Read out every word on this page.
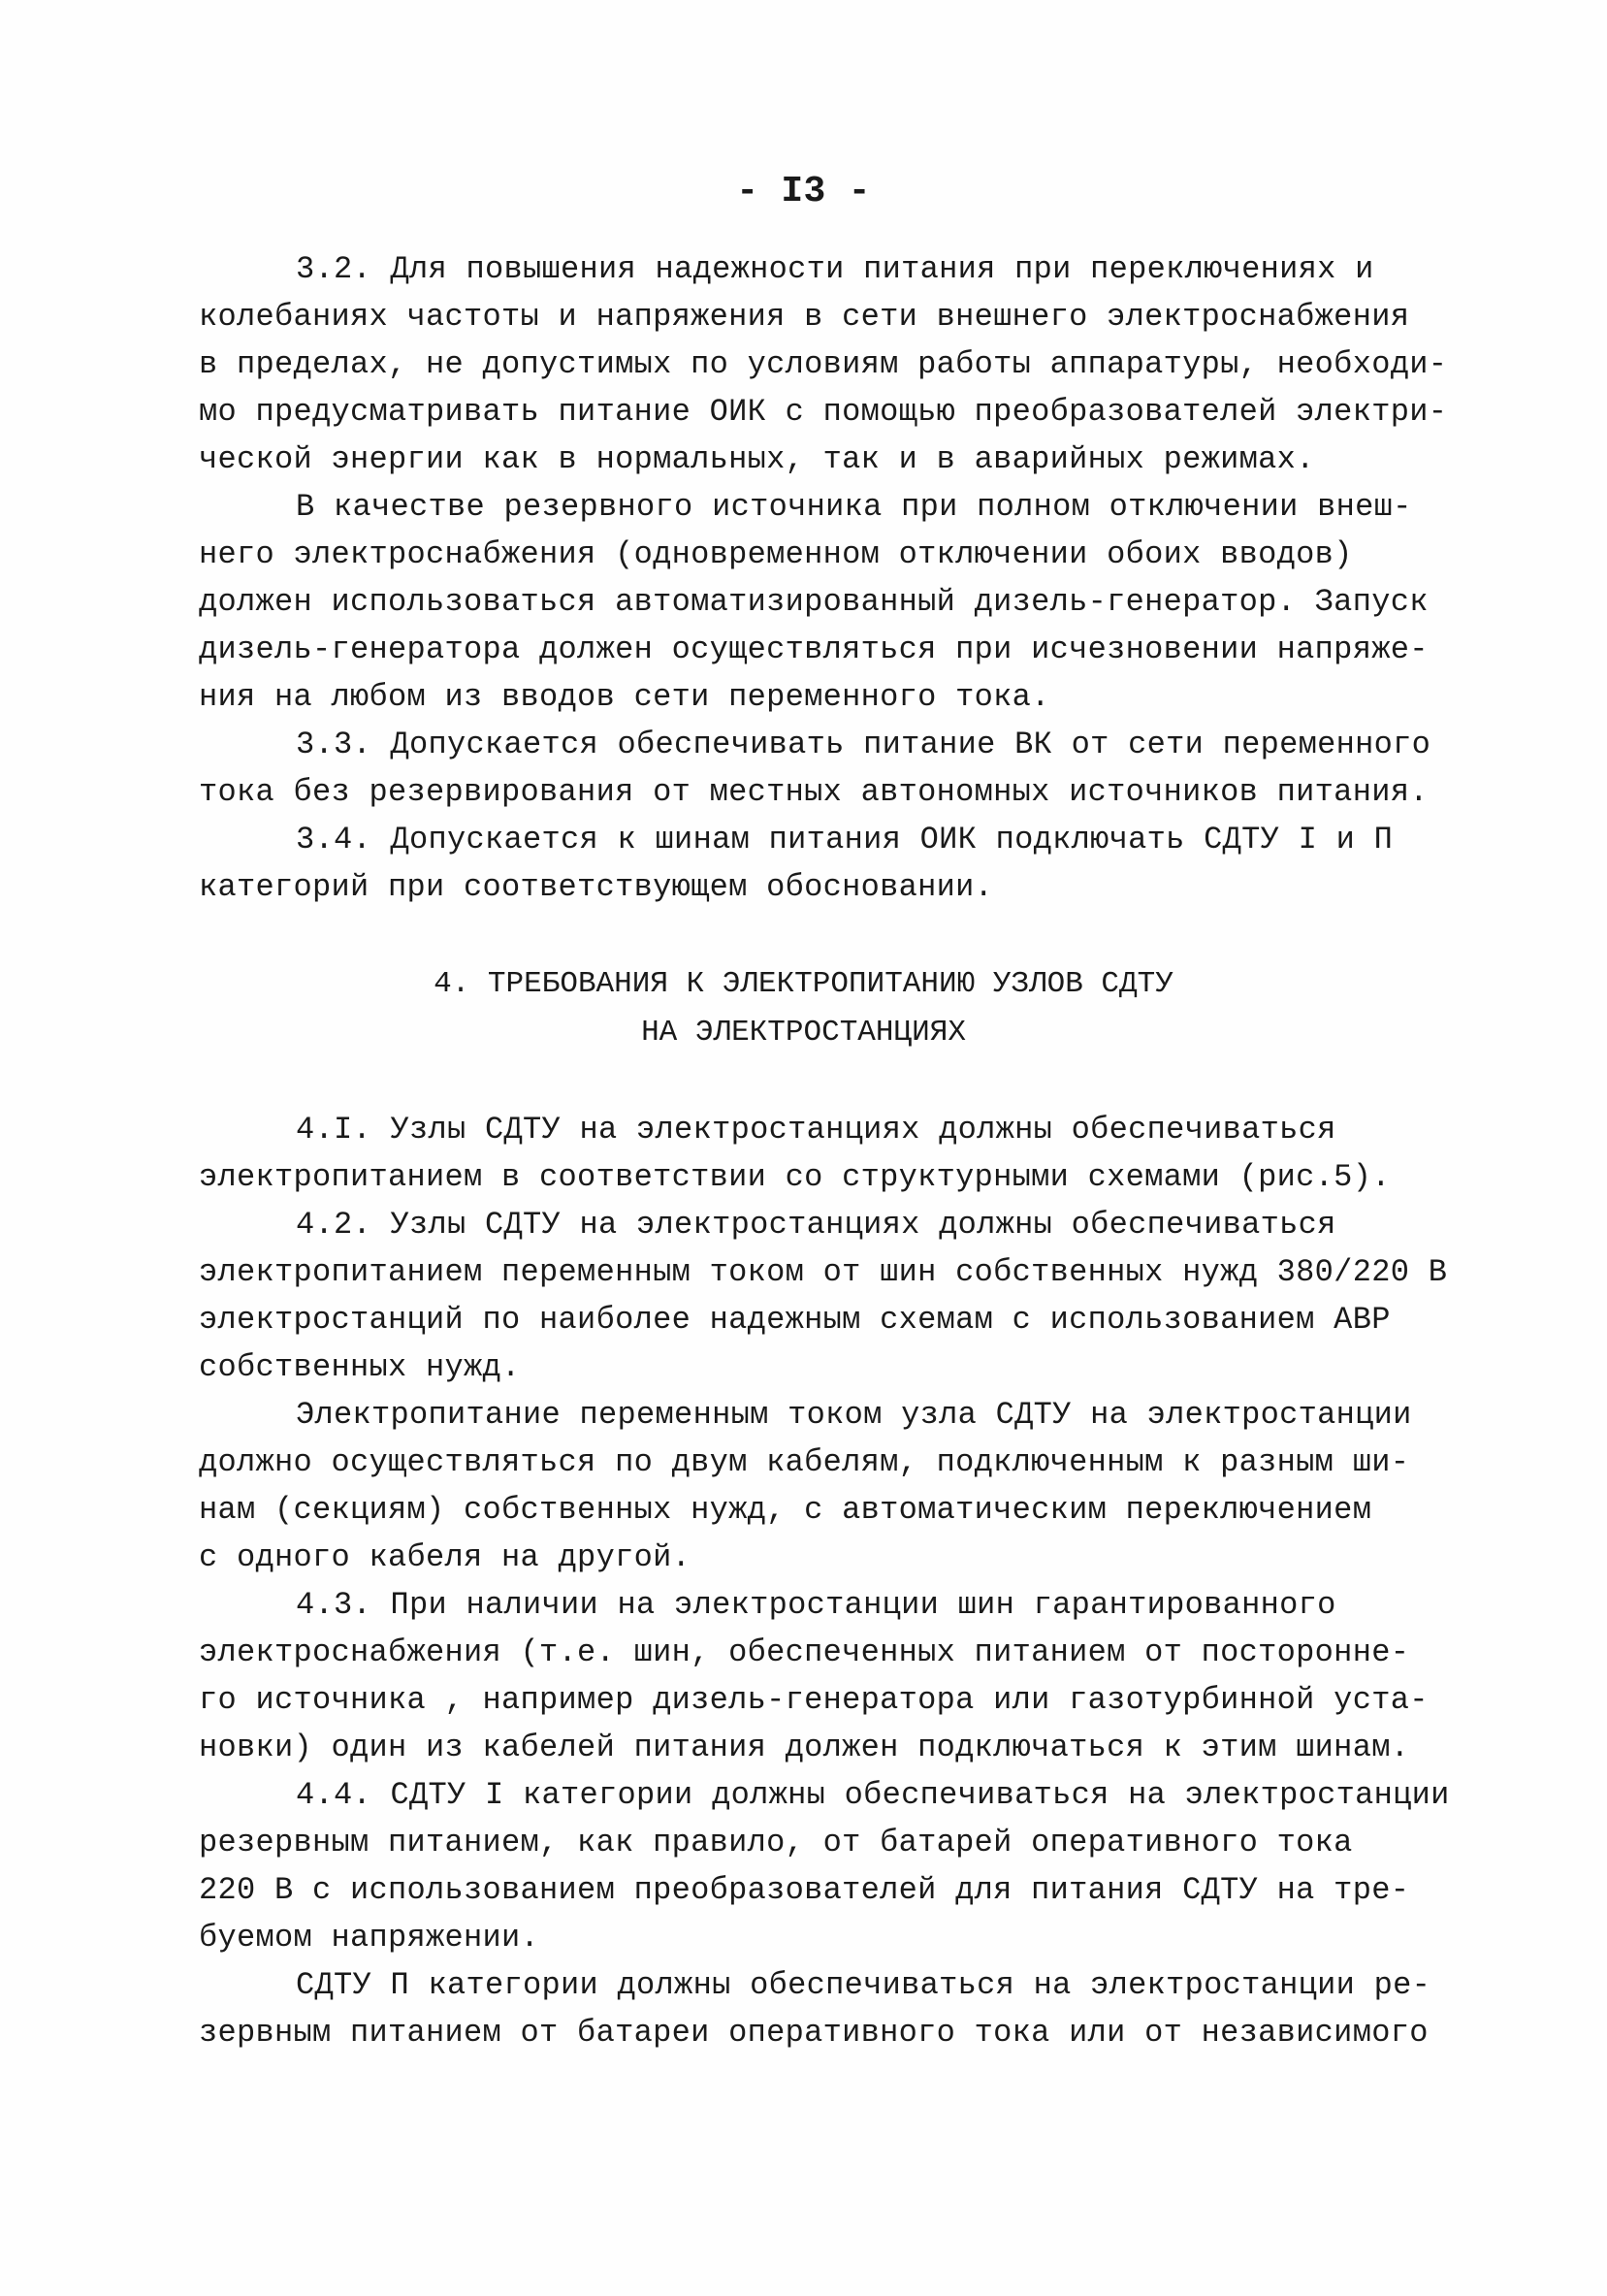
- I3 -
3.2. Для повышения надежности питания при переключениях и
колебаниях частоты и напряжения в сети внешнего электроснабжения
в пределах, не допустимых по условиям работы аппаратуры, необходи-
мо предусматривать питание ОИК с помощью преобразователей электри-
ческой энергии как в нормальных, так и в аварийных режимах.
В качестве резервного источника при полном отключении внеш-
него электроснабжения (одновременном отключении обоих вводов)
должен использоваться автоматизированный дизель-генератор. Запуск
дизель-генератора должен осуществляться при исчезновении напряже-
ния на любом из вводов сети переменного тока.
3.3. Допускается обеспечивать питание ВК от сети переменного
тока без резервирования от местных автономных источников питания.
3.4. Допускается к шинам питания ОИК подключать СДТУ I и П
категорий при соответствующем обосновании.
4. ТРЕБОВАНИЯ К ЭЛЕКТРОПИТАНИЮ УЗЛОВ СДТУ
НА ЭЛЕКТРОСТАНЦИЯХ
4.I. Узлы СДТУ на электростанциях должны обеспечиваться
электропитанием в соответствии со структурными схемами (рис.5).
4.2. Узлы СДТУ на электростанциях должны обеспечиваться
электропитанием переменным током от шин собственных нужд 380/220 В
электростанций по наиболее надежным схемам с использованием АВР
собственных нужд.
Электропитание переменным током узла СДТУ на электростанции
должно осуществляться по двум кабелям, подключенным к разным ши-
нам (секциям) собственных нужд, с автоматическим переключением
с одного кабеля на другой.
4.3. При наличии на электростанции шин гарантированного
электроснабжения (т.е. шин, обеспеченных питанием от постороннe-
го источника , например дизель-генератора или газотурбинной уста-
новки) один из кабелей питания должен подключаться к этим шинам.
4.4. СДТУ I категории должны обеспечиваться на электростанции
резервным питанием, как правило, от батарей оперативного тока
220 В с использованием преобразователей для питания СДТУ на тре-
буемом напряжении.
СДТУ П категории должны обеспечиваться на электростанции ре-
зервным питанием от батареи оперативного тока или от независимого
